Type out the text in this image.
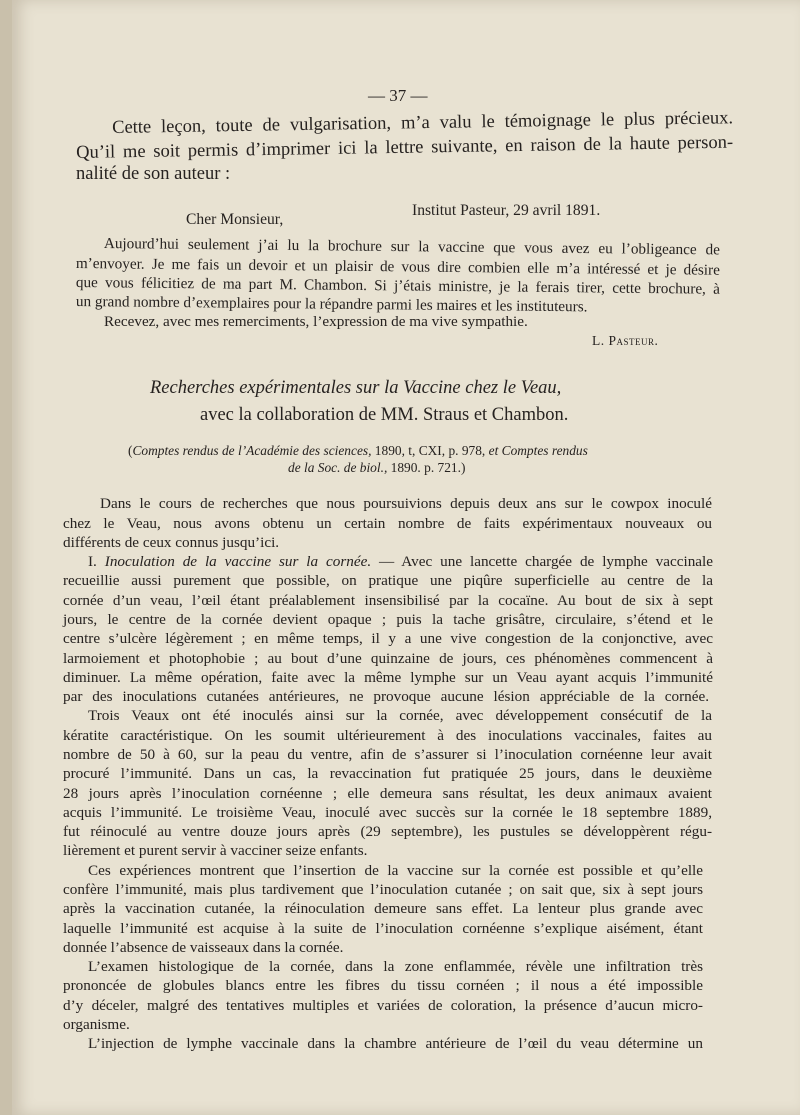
— 37 —

Cette leçon, toute de vulgarisation, m’a valu le témoignage le plus précieux.

Qu’il me soit permis d’imprimer ici la lettre suivante, en raison de la haute person-

nalité de son auteur :

Institut Pasteur, 29 avril 1891.

Cher Monsieur,

Aujourd’hui seulement j’ai lu la brochure sur la vaccine que vous avez eu l’obligeance de

m’envoyer. Je me fais un devoir et un plaisir de vous dire combien elle m’a intéressé et je désire

que vous félicitiez de ma part M. Chambon. Si j’étais ministre, je la ferais tirer, cette brochure, à

un grand nombre d’exemplaires pour la répandre parmi les maires et les instituteurs.

Recevez, avec mes remerciments, l’expression de ma vive sympathie.

L. Pasteur.

Recherches expérimentales sur la Vaccine chez le Veau,

avec la collaboration de MM. Straus et Chambon.

(Comptes rendus de l’Académie des sciences, 1890, t, CXI, p. 978, et Comptes rendus

de la Soc. de biol., 1890. p. 721.)

Dans le cours de recherches que nous poursuivions depuis deux ans sur le cowpox inoculé

chez le Veau, nous avons obtenu un certain nombre de faits expérimentaux nouveaux ou

différents de ceux connus jusqu’ici.

I. Inoculation de la vaccine sur la cornée. — Avec une lancette chargée de lymphe vaccinale

recueillie aussi purement que possible, on pratique une piqûre superficielle au centre de la

cornée d’un veau, l’œil étant préalablement insensibilisé par la cocaïne. Au bout de six à sept

jours, le centre de la cornée devient opaque ; puis la tache grisâtre, circulaire, s’étend et le

centre s’ulcère légèrement ; en même temps, il y a une vive congestion de la conjonctive, avec

larmoiement et photophobie ; au bout d’une quinzaine de jours, ces phénomènes commencent à

diminuer. La même opération, faite avec la même lymphe sur un Veau ayant acquis l’immunité

par des inoculations cutanées antérieures, ne provoque aucune lésion appréciable de la cornée.

Trois Veaux ont été inoculés ainsi sur la cornée, avec développement consécutif de la

kératite caractéristique. On les soumit ultérieurement à des inoculations vaccinales, faites au

nombre de 50 à 60, sur la peau du ventre, afin de s’assurer si l’inoculation cornéenne leur avait

procuré l’immunité. Dans un cas, la revaccination fut pratiquée 25 jours, dans le deuxième

28 jours après l’inoculation cornéenne ; elle demeura sans résultat, les deux animaux avaient

acquis l’immunité. Le troisième Veau, inoculé avec succès sur la cornée le 18 septembre 1889,

fut réinoculé au ventre douze jours après (29 septembre), les pustules se développèrent régu-

lièrement et purent servir à vacciner seize enfants.

Ces expériences montrent que l’insertion de la vaccine sur la cornée est possible et qu’elle

confère l’immunité, mais plus tardivement que l’inoculation cutanée ; on sait que, six à sept jours

après la vaccination cutanée, la réinoculation demeure sans effet. La lenteur plus grande avec

laquelle l’immunité est acquise à la suite de l’inoculation cornéenne s’explique aisément, étant

donnée l’absence de vaisseaux dans la cornée.

L’examen histologique de la cornée, dans la zone enflammée, révèle une infiltration très

prononcée de globules blancs entre les fibres du tissu cornéen ; il nous a été impossible

d’y déceler, malgré des tentatives multiples et variées de coloration, la présence d’aucun micro-

organisme.

L’injection de lymphe vaccinale dans la chambre antérieure de l’œil du veau détermine un
